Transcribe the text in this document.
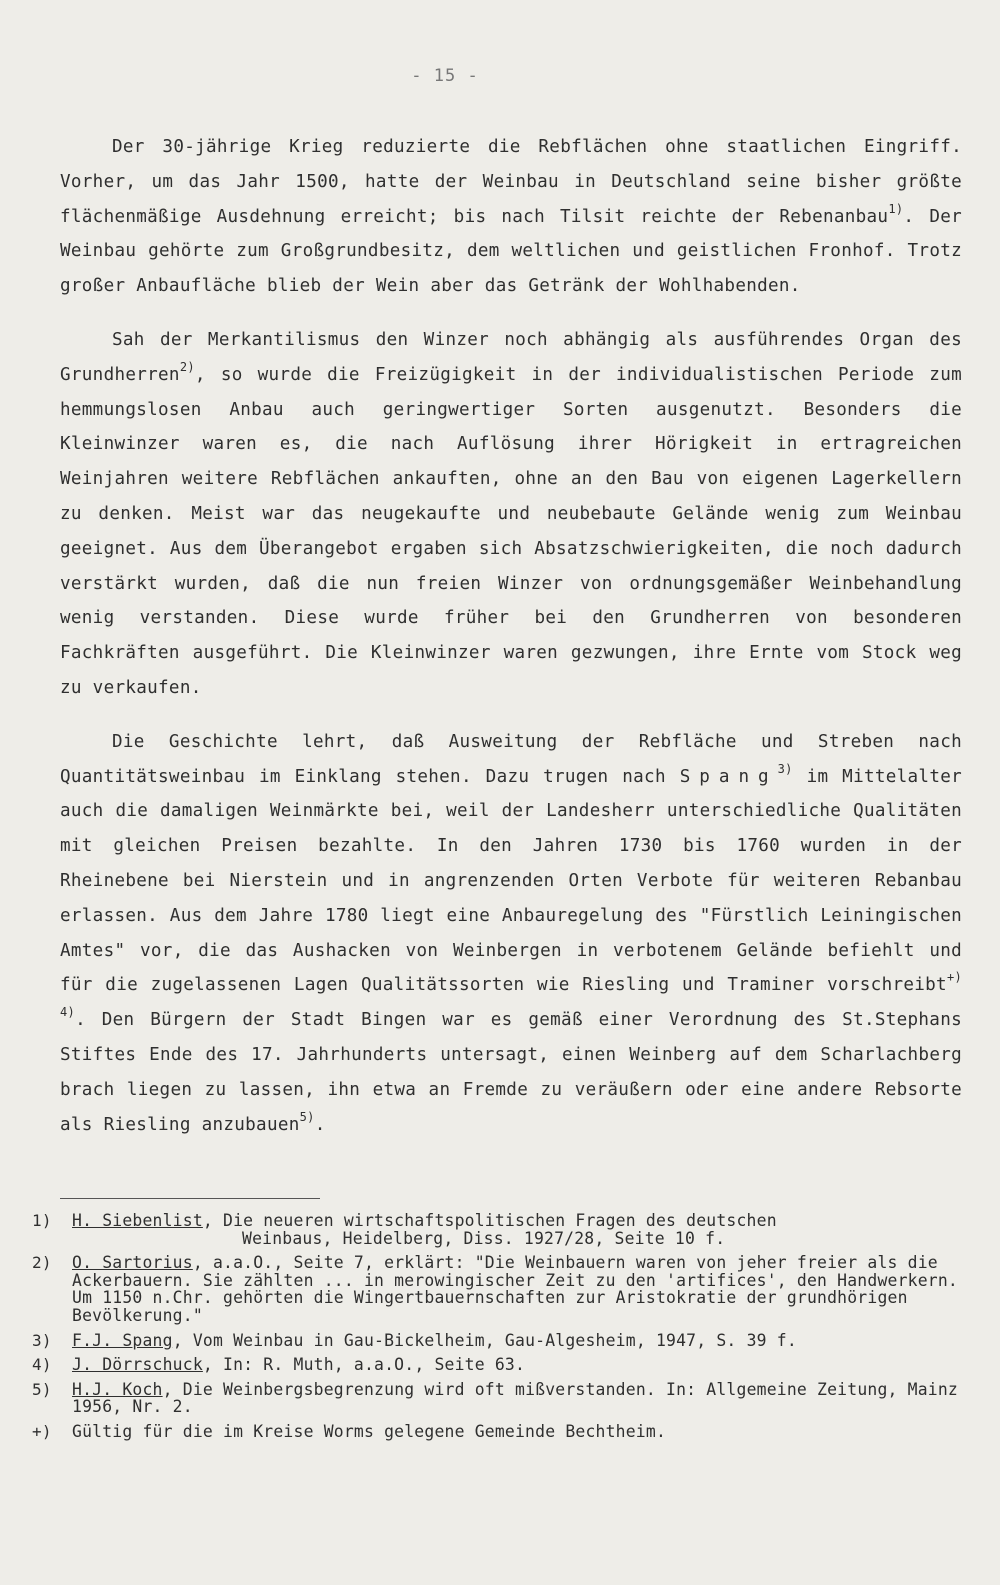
- 15 -

Der 30-jährige Krieg reduzierte die Rebflächen ohne staatlichen Eingriff. Vorher, um das Jahr 1500, hatte der Weinbau in Deutschland seine bisher größte flächenmäßige Ausdehnung erreicht; bis nach Tilsit reichte der Rebenanbau$^{1)}$. Der Weinbau gehörte zum Großgrundbesitz, dem weltlichen und geistlichen Fronhof. Trotz großer Anbaufläche blieb der Wein aber das Getränk der Wohlhabenden.

Sah der Merkantilismus den Winzer noch abhängig als ausführendes Organ des Grundherren$^{2)}$, so wurde die Freizügigkeit in der individualistischen Periode zum hemmungslosen Anbau auch geringwertiger Sorten ausgenutzt. Besonders die Kleinwinzer waren es, die nach Auflösung ihrer Hörigkeit in ertragreichen Weinjahren weitere Rebflächen ankauften, ohne an den Bau von eigenen Lagerkellern zu denken. Meist war das neugekaufte und neubebaute Gelände wenig zum Weinbau geeignet. Aus dem Überangebot ergaben sich Absatzschwierigkeiten, die noch dadurch verstärkt wurden, daß die nun freien Winzer von ordnungsgemäßer Weinbehandlung wenig verstanden. Diese wurde früher bei den Grundherren von besonderen Fachkräften ausgeführt. Die Kleinwinzer waren gezwungen, ihre Ernte vom Stock weg zu verkaufen.

Die Geschichte lehrt, daß Ausweitung der Rebfläche und Streben nach Quantitätsweinbau im Einklang stehen. Dazu trugen nach Spang$^{3)}$ im Mittelalter auch die damaligen Weinmärkte bei, weil der Landesherr unterschiedliche Qualitäten mit gleichen Preisen bezahlte. In den Jahren 1730 bis 1760 wurden in der Rheinebene bei Nierstein und in angrenzenden Orten Verbote für weiteren Rebanbau erlassen. Aus dem Jahre 1780 liegt eine Anbauregelung des "Fürstlich Leiningischen Amtes" vor, die das Aushacken von Weinbergen in verbotenem Gelände befiehlt und für die zugelassenen Lagen Qualitätssorten wie Riesling und Traminer vorschreibt$^{+) 4)}$. Den Bürgern der Stadt Bingen war es gemäß einer Verordnung des St.Stephans Stiftes Ende des 17. Jahrhunderts untersagt, einen Weinberg auf dem Scharlachberg brach liegen zu lassen, ihn etwa an Fremde zu veräußern oder eine andere Rebsorte als Riesling anzubauen$^{5)}$.

1)	H. Siebenlist, Die neueren wirtschaftspolitischen Fragen des deutschen
Weinbaus, Heidelberg, Diss. 1927/28, Seite 10 f.
2)	O. Sartorius, a.a.O., Seite 7, erklärt: "Die Weinbauern waren von jeher freier als die Ackerbauern. Sie zählten ... in merowingischer Zeit zu den 'artifices', den Handwerkern. Um 1150 n.Chr. gehörten die Wingertbauernschaften zur Aristokratie der grundhörigen Bevölkerung."
3)	F.J. Spang, Vom Weinbau in Gau-Bickelheim, Gau-Algesheim, 1947, S. 39 f.
4)	J. Dörrschuck, In: R. Muth, a.a.O., Seite 63.
5)	H.J. Koch, Die Weinbergsbegrenzung wird oft mißverstanden. In: Allgemeine Zeitung, Mainz 1956, Nr. 2.
+)	Gültig für die im Kreise Worms gelegene Gemeinde Bechtheim.
